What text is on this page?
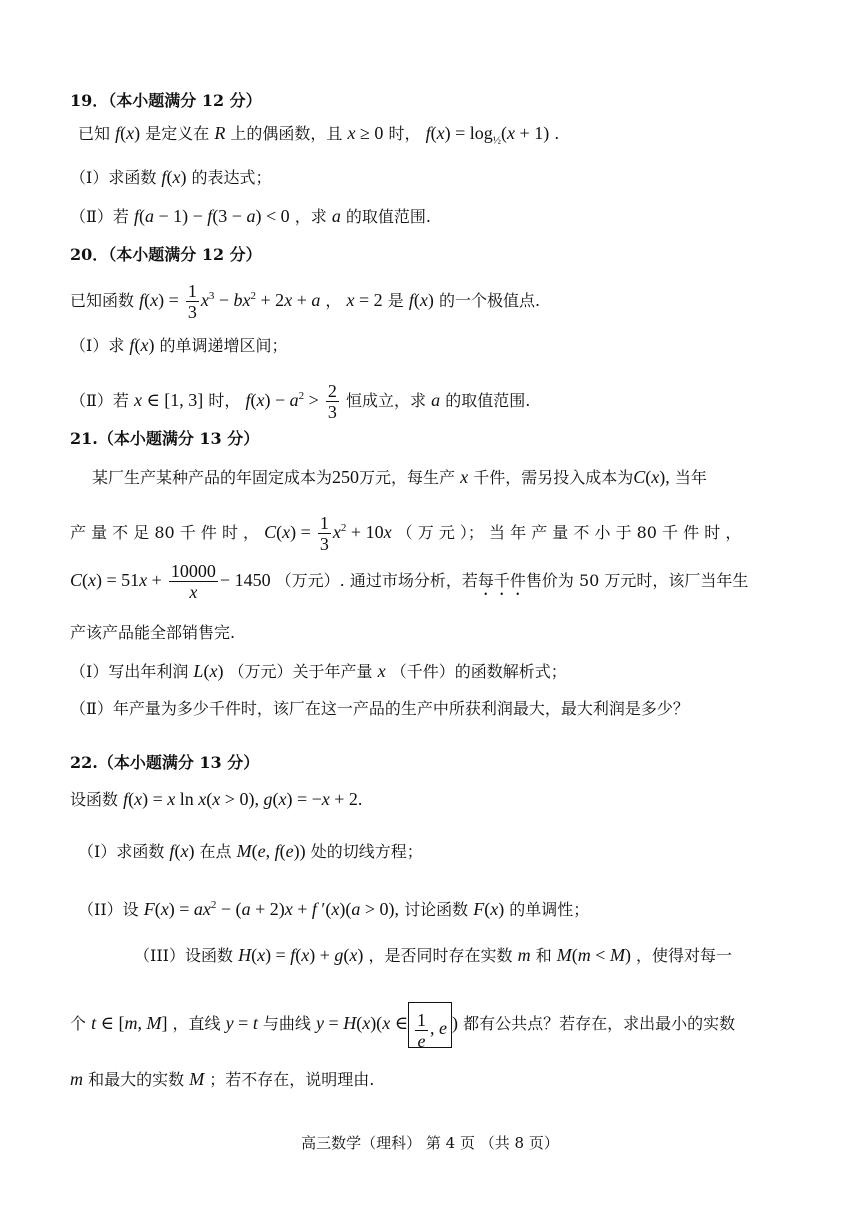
19．（本小题满分 12 分）
已知 f(x) 是定义在 R 上的偶函数，且 x ≥ 0 时， $f(x) = \log_{\frac{1}{2}}(x + 1)$ .
（Ⅰ）求函数 f(x) 的表达式；
（Ⅱ）若 f(a − 1) − f(3 − a) < 0 ，求 a 的取值范围.
20．（本小题满分 12 分）
已知函数 $f(x) = \frac{1}{3} x^3 - bx^2 + 2x + a$ ， x = 2 是 f(x) 的一个极值点.
（Ⅰ）求 f(x) 的单调递增区间；
（Ⅱ）若 x ∈ [1, 3] 时， $f(x) - a^2 > \frac{2}{3}$ 恒成立，求 a 的取值范围.
21.（本小题满分 13 分）
某厂生产某种产品的年固定成本为250万元，每生产 x 千件，需另投入成本为C(x), 当年
产 量 不 足 80 千 件 时 ， $C(x) = \frac{1}{3} x^2 + 10x$ （ 万 元 ）； 当 年 产 量 不 小 于 80 千 件 时 ，
$C(x) = 51x + \frac{10000}{x} - 1450$ （万元）. 通过市场分析，若每千件售价为 50 万元时，该厂当年生
产该产品能全部销售完.
（Ⅰ）写出年利润 L(x) （万元）关于年产量 x （千件）的函数解析式；
（Ⅱ）年产量为多少千件时，该厂在这一产品的生产中所获利润最大，最大利润是多少？
22.（本小题满分 13 分）
设函数 f(x) = x ln x(x > 0), g(x) = −x + 2.
（I）求函数 f(x) 在点 M(e, f(e)) 处的切线方程；
（II）设 $F(x) = ax^2 - (a + 2)x + f$ ′(x)(a > 0), 讨论函数 F(x) 的单调性；
（III）设函数 H(x) = f(x) + g(x) ，是否同时存在实数 m 和 M(m < M) ，使得对每一
个 t ∈ [m, M] ，直线 y = t 与曲线 y = H(x)(x ∈ $\frac{1}{e}$ , e ) 都有公共点？若存在，求出最小的实数
m 和最大的实数 M ；若不存在，说明理由.
高三数学（理科） 第 4 页 （共 8 页）
